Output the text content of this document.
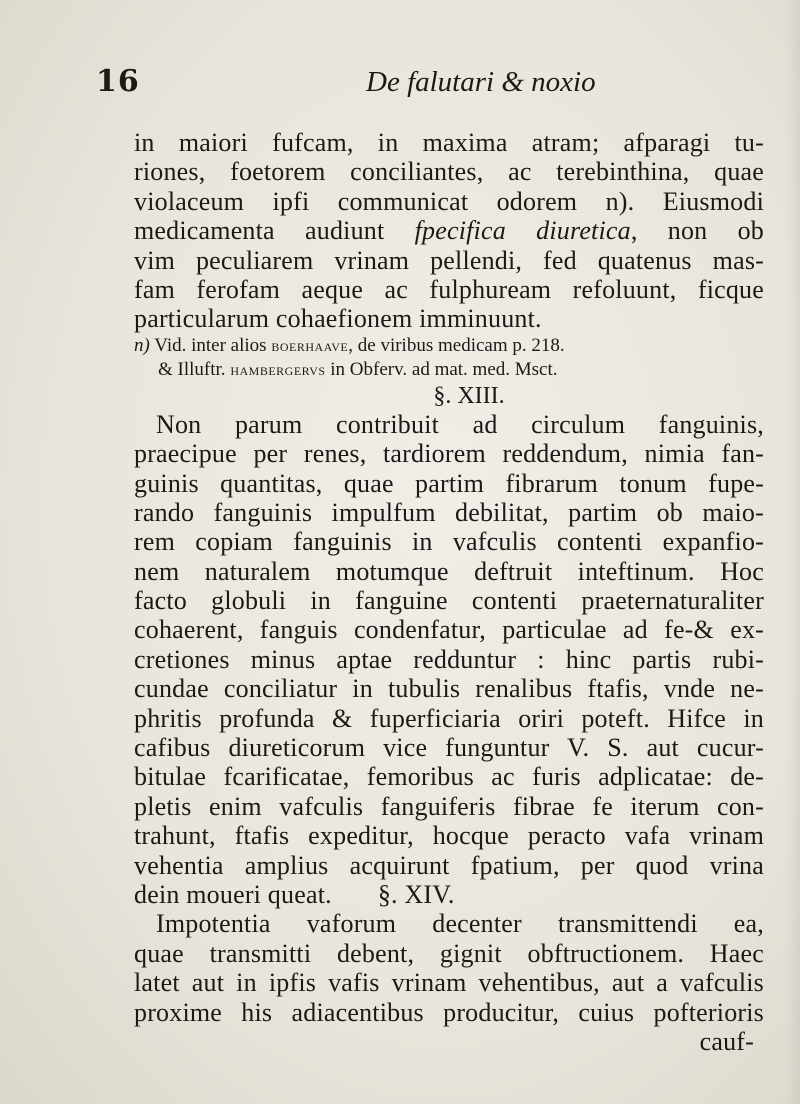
16	De falutari & noxio
in maiori fufcam, in maxima atram; afparagi tu-
riones, foetorem conciliantes, ac terebinthina, quae
violaceum ipfi communicat odorem n). Eiusmodi
medicamenta audiunt fpecifica diuretica, non ob
vim peculiarem vrinam pellendi, fed quatenus mas-
fam ferofam aeque ac fulphuream refoluunt, ficque
particularum cohaefionem imminuunt.
n) Vid. inter alios boerhaave, de viribus medicam p. 218.
& Illuftr. hambergervs in Obferv. ad mat. med. Msct.
§. XIII.
Non parum contribuit ad circulum fanguinis,
praecipue per renes, tardiorem reddendum, nimia fan-
guinis quantitas, quae partim fibrarum tonum fupe-
rando fanguinis impulfum debilitat, partim ob maio-
rem copiam fanguinis in vafculis contenti expanfio-
nem naturalem motumque deftruit inteftinum. Hoc
facto globuli in fanguine contenti praeternaturaliter
cohaerent, fanguis condenfatur, particulae ad fe-& ex-
cretiones minus aptae redduntur : hinc partis rubi-
cundae conciliatur in tubulis renalibus ftafis, vnde ne-
phritis profunda & fuperficiaria oriri poteft. Hifce in
cafibus diureticorum vice funguntur V. S. aut cucur-
bitulae fcarificatae, femoribus ac furis adplicatae: de-
pletis enim vafculis fanguiferis fibrae fe iterum con-
trahunt, ftafis expeditur, hocque peracto vafa vrinam
vehentia amplius acquirunt fpatium, per quod vrina
dein moueri queat. §. XIV.
Impotentia vaforum decenter transmittendi ea,
quae transmitti debent, gignit obftructionem. Haec
latet aut in ipfis vafis vrinam vehentibus, aut a vafculis
proxime his adiacentibus producitur, cuius pofterioris
cauf-
